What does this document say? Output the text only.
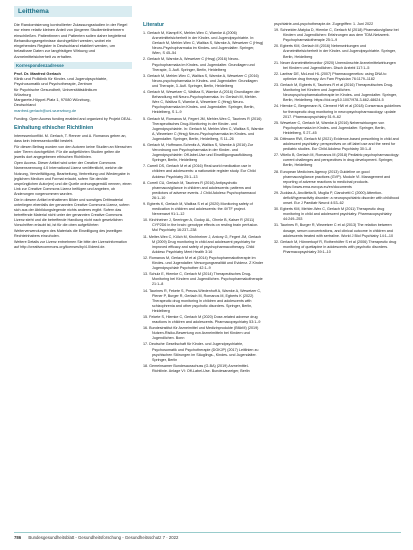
Leitthema

Die Randomisierung kontrollierter Zulassungsstudien in der Regel nur einen relativ kleinen Anteil von jüngeren Studienteilnehmern einschließen. Patientinnen und Patienten sollen daher begleitend Behandlungsergebnisse durchgeführt werden, wobei ein eingehendes Register in Deutschland etabliert werden, um belastbare Daten zur langfristigen Wirkung und Arzneimittelsicherheit zu erhalten.

Korrespondenzadresse
Prof. Dr. Manfred Gerlach
Klinik und Poliklinik für Kinder- und Jugendpsychiatrie,
Psychosomatik und Psychotherapie, Zentrum
für Psychische Gesundheit, Universitätsklinikum
Würzburg
Margarete-Höppel-Platz 1, 97080 Würzburg,
Deutschland
manfred.gerlach@uni-wuerzburg.de

Funding. Open Access funding enabled and organized by Projekt DEAL.

Einhaltung ethischer Richtlinien

Interessenkonflikt. M. Gerlach, T. Renner und A. Romanos geben an, dass kein Interessenkonflikt besteht.

Für diesen Beitrag wurden von den Autoren keine Studien an Menschen oder Tieren durchgeführt. Für die aufgeführten Studien gelten die jeweils dort angegebenen ethischen Richtlinien.

Open Access. Dieser Artikel wird unter der Creative Commons Namensnennung 4.0 International Lizenz veröffentlicht, welche die Nutzung, Vervielfältigung, Bearbeitung, Verbreitung und Wiedergabe in jeglichem Medium und Format erlaubt, sofern Sie den/die ursprünglichen Autor(en) und die Quelle ordnungsgemäß nennen, einen Link zur Creative Commons Lizenz beifügen und angeben, ob Änderungen vorgenommen wurden.

Die in diesem Artikel enthaltenen Bilder und sonstiges Drittmaterial unterliegen ebenfalls der genannten Creative Commons Lizenz, sofern sich aus der Abbildungslegende nichts anderes ergibt. Sofern das betreffende Material nicht unter der genannten Creative Commons Lizenz steht und die betreffende Handlung nicht nach gesetzlichen Vorschriften erlaubt ist, ist für die oben aufgeführten Weiterverwendungen des Materials die Einwilligung des jeweiligen Rechteinhabers einzuholen.

Weitere Details zur Lizenz entnehmen Sie bitte der Lizenzinformation auf http://creativecommons.org/licenses/by/4.0/deed.de.

Literatur

1. Gerlach M, Klampfl K, Mehler-Wex C, Warnke A (2006) Arzneimittelsicherheit in der Kinder- und Jugendpsychiatrie. In: Gerlach M, Mehler-Wex C, Walitza S, Warnke A, Wewetzer C (Hrsg) Neuro-Psychopharmaka im Kindes- und Jugendalter. Springer, Wien, S 45–54

2. Gerlach M, Warnke A, Wewetzer C (Hrsg) (2016) Neuro-Psychopharmaka im Kindes- und Jugendalter. Grundlagen und Therapie, 3. Aufl. Springer, Berlin, Heidelberg

3. Gerlach M, Mehler-Wex C, Walitza S, Warnke A, Wewetzer C (2016) Neuro-psychopharmaka in Kindes- und Jugendalter: Grundlagen und Therapie, 3. Aufl. Springer, Berlin, Heidelberg

4. Gerlach M, Wewetzer C, Walitza S, Warnke A (2016) Grundlagen der Behandlung mit Neuro-Psychopharmaka. In: Gerlach M, Mehler-Wex C, Walitza S, Warnke A, Wewetzer C (Hrsg) Neuro-Psychopharmaka im Kindes- und Jugendalter. Springer, Berlin, Heidelberg, S 1–9

5. Gerlach M, Romanos M, Fegert JM, Mehler-Wex C, Taurines R (2016) Therapeutisches Drug-Monitoring in der Kinder- und Jugendpsychiatrie. In: Gerlach M, Mehler-Wex C, Walitza S, Warnke A, Wewetzer C (Hrsg) Neuro-Psychopharmaka im Kindes- und Jugendalter. Springer, Berlin, Heidelberg, S 11–26

6. Gerlach M, Hoffmann-Schmitz A, Walitza S, Warnke A (2016) Zur Verordnung von Psychopharmaka in der Kinder- und Jugendpsychiatrie: Off-label-Use und Einwilligungsaufklärung. Springer, Berlin, Heidelberg

7. Carrell DS, Gerlach M et al (2016) Real-world medication use in children and adolescents: a nationwide register study. Eur Child Adolesc Psychiatry 25:1–13

8. Correll CU, Gerlach M, Taurines R (2016) Antipsychotic pharmacovigilance in children and adolescents: patterns and predictors of adverse events. J Child Adolesc Psychopharmacol 26:1–10

9. Egberts K, Gerlach M, Walitza S et al (2020) Monitoring safety of medication in children and adolescents: the 4VTF project. Nervenarzt 91:1–12

10. Kirchheiner J, Seeringer A, Godoy AL, Ohmle B, Kaiser R (2011) CYP2D6 in the brain: genotype effects on resting brain perfusion. Mol Psychiatry 16:237–238

11. Melter-Wex C, Kölch M, Kirchheiner J, Antony G, Fegert JM, Gerlach M (2009) Drug monitoring in child and adolescent psychiatry for improved efficacy and safety of psychopharmacotherapy. Child Adolesc Psychiatry Ment Health 3:16

12. Romanos M, Gerlach M et al (2014) Psychopharmakotherapie im Kindes- und Jugendalter: Versorgungsrealität und Evidenz. Z Kinder Jugendpsychiatr Psychother 42:1–9

13. Schulz E, Hiemke C, Gerlach M (2014) Therapeutisches Drug-Monitoring bei Kindern und Jugendlichen. Psychopharmakotherapie 21:1–8

14. Taurines R, Fekete S, Preuss-Wiedenhoff A, Warnke A, Wewetzer C, Plener P, Burger R, Gerlach M, Romanos M, Egberts K (2022) Therapeutic drug monitoring in children and adolescents with schizophrenia and other psychotic disorders. Springer, Berlin, Heidelberg

15. Fekete S, Hiemke C, Gerlach M (2020) Dose-related adverse drug reactions in children and adolescents. Pharmacopsychiatry 53:1–9

16. Bundesinstitut für Arzneimittel und Medizinprodukte (BfArM) (2019) Nutzen-Risiko-Bewertung von Arzneimitteln bei Kindern und Jugendlichen. Bonn

17. Deutsche Gesellschaft für Kinder- und Jugendpsychiatrie, Psychosomatik und Psychotherapie (DGKJP) (2017) Leitlinien zu psychischen Störungen im Säuglings-, Kindes- und Jugendalter. Springer, Berlin

18. Gemeinsamer Bundesausschuss (G-BA) (2019) Arzneimittel-Richtlinie. Anlage VI: Off-Label-Use. Bundesanzeiger, Berlin

psychiatrie-und-psychotherapie.de. Zugegriffen: 1. Juni 2022

19. Schneider-Matyka D, Hiemke C, Gerlach M (2018) Pharmakovigilanz bei Kindern und Jugendlichen: Erfahrungen aus dem TDM-Netzwerk. Psychopharmakotherapie 25:1–9

20. Egberts KM, Gerlach M (2016) Nebenwirkungen und Arzneimittelsicherheit in der Kinder- und Jugendpsychiatrie. Springer, Berlin, Heidelberg

21. Neuer Arzneimittelmonitor (2020) Unerwünschte Arzneimittelwirkungen bei Kindern und Jugendlichen. Dtsch Arztebl 117:1–5

22. Lanfear DE, McLeod HL (2007) Pharmacogenetics: using DNA to optimize drug therapy. Am Fam Physician 76:1179–1182

23. Gerlach M, Egberts K, Taurines R et al (2016) Therapeutisches Drug-Monitoring bei Kindern und Jugendlichen. Neuropsychopharmakotherapie im Kindes- und Jugendalter. Springer, Berlin, Heidelberg. https://doi.org/10.1007/978-3-662-48624-5

24. Hiemke C, Bergemann N, Clement HW et al (2018) Consensus guidelines for therapeutic drug monitoring in neuropsychopharmacology: update 2017. Pharmacopsychiatry 51:9–62

25. Wewetzer C, Gerlach M, Warnke A (2016) Nebenwirkungen von Psychopharmaka im Kindes- und Jugendalter. Springer, Berlin, Heidelberg, S 27–45

26. Dittmann RW, Gerlach M (2021) Evidence-based prescribing in child and adolescent psychiatry: perspectives on off-label use and the need for pediatric studies. Eur Child Adolesc Psychiatry 30:1–8

27. Vitiello B, Gerlach M, Romanos M (2018) Pediatric psychopharmacology: current challenges and perspectives in drug development. Springer, Berlin, Heidelberg

28. European Medicines Agency (2013) Guideline on good pharmacovigilance practices (GVP). Module VI. Management and reporting of adverse reactions to medicinal products. https://www.ema.europa.eu/en/documents

29. Zuddas A, Ancilletta B, Muglia P, Cianchetti C (2000) Attention-deficit/hyperactivity disorder: a neuropsychiatric disorder with childhood onset. Eur J Paediatr Neurol 4:53–62

30. Egberts KM, Mehler-Wex C, Gerlach M (2011) Therapeutic drug monitoring in child and adolescent psychiatry. Pharmacopsychiatry 44:249–253

31. Taurines R, Burger R, Wewetzer C et al (2013) The relation between dosage, serum concentrations, and clinical outcome in children and adolescents treated with sertraline. World J Biol Psychiatry 14:1–10

32. Gerlach M, Hünnerkopf R, Rothenhöfer S et al (2006) Therapeutic drug monitoring of quetiapine in adolescents with psychotic disorders. Pharmacopsychiatry 39:1–10

786 Bundesgesundheitsblatt - Gesundheitsforschung - Gesundheitsschutz 7 · 2022
